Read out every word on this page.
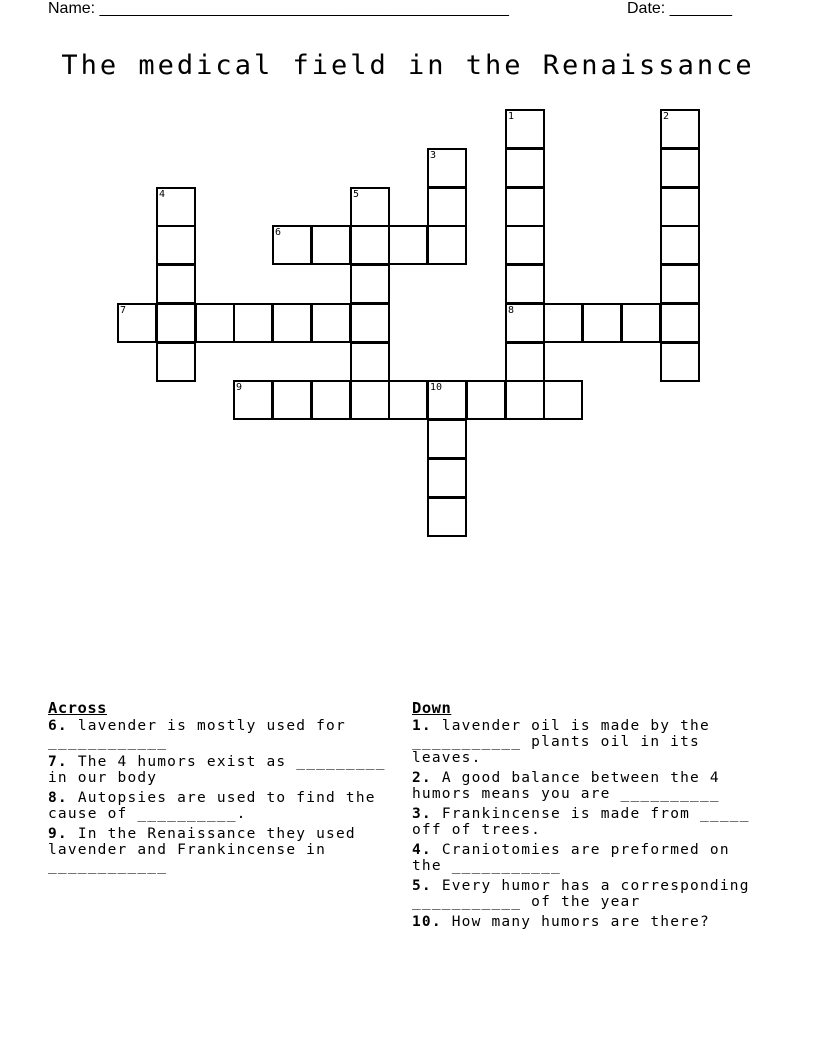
Name: ______________________________________________	Date: _______
The medical field in the Renaissance
1
8
2
3
4	5
6
7
9	10
Across
6. lavender is mostly used for ____________
7. The 4 humors exist as _________ in our body
8. Autopsies are used to find the cause of __________.
9. In the Renaissance they used lavender and Frankincense in ____________
Down
1. lavender oil is made by the ___________ plants oil in its leaves.
2. A good balance between the 4 humors means you are __________
3. Frankincense is made from _____ off of trees.
4. Craniotomies are preformed on the ___________
5. Every humor has a corresponding ___________ of the year
10. How many humors are there?
